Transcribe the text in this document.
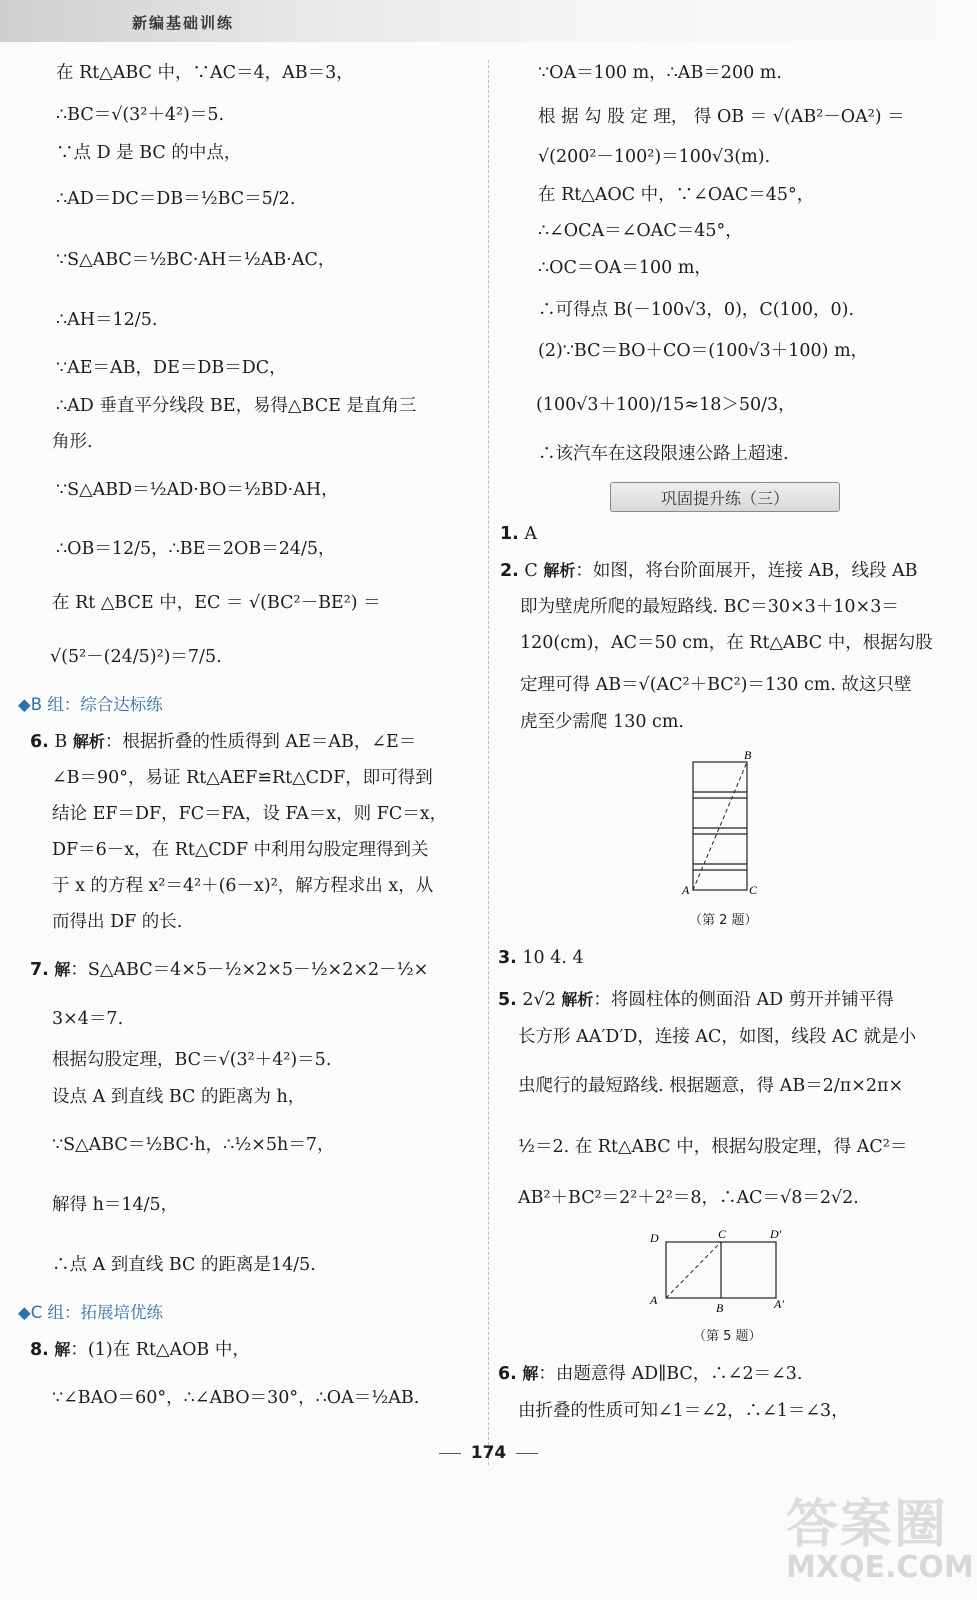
新编基础训练
在 Rt△ABC 中，∵AC＝4，AB＝3，
∴BC＝√(3²＋4²)＝5.
∵点 D 是 BC 的中点，
∴AD＝DC＝DB＝½BC＝5/2.
∵S△ABC＝½BC·AH＝½AB·AC，
∴AH＝12/5.
∵AE＝AB，DE＝DB＝DC，
∴AD 垂直平分线段 BE，易得△BCE 是直角三
角形.
∵S△ABD＝½AD·BO＝½BD·AH，
∴OB＝12/5，∴BE＝2OB＝24/5，
在 Rt △BCE 中，EC ＝ √(BC²－BE²) ＝
√(5²－(24/5)²)＝7/5.
◆B 组：综合达标练
6. B 解析：根据折叠的性质得到 AE＝AB，∠E＝
∠B＝90°，易证 Rt△AEF≌Rt△CDF，即可得到
结论 EF＝DF，FC＝FA，设 FA＝x，则 FC＝x，
DF＝6－x，在 Rt△CDF 中利用勾股定理得到关
于 x 的方程 x²＝4²＋(6－x)²，解方程求出 x，从
而得出 DF 的长.
7. 解：S△ABC＝4×5－½×2×5－½×2×2－½×
3×4＝7.
根据勾股定理，BC＝√(3²＋4²)＝5.
设点 A 到直线 BC 的距离为 h，
∵S△ABC＝½BC·h，∴½×5h＝7，
解得 h＝14/5，
∴点 A 到直线 BC 的距离是14/5.
◆C 组：拓展培优练
8. 解：(1)在 Rt△AOB 中，
∵∠BAO＝60°，∴∠ABO＝30°，∴OA＝½AB.
∵OA＝100 m，∴AB＝200 m.
根 据 勾 股 定 理， 得 OB ＝ √(AB²－OA²) ＝
√(200²－100²)＝100√3(m).
在 Rt△AOC 中，∵∠OAC＝45°，
∴∠OCA＝∠OAC＝45°，
∴OC＝OA＝100 m，
∴可得点 B(－100√3，0)，C(100，0).
(2)∵BC＝BO＋CO＝(100√3＋100) m，
(100√3＋100)/15≈18＞50/3，
∴该汽车在这段限速公路上超速.
1. A
2. C 解析：如图，将台阶面展开，连接 AB，线段 AB
即为壁虎所爬的最短路线. BC＝30×3＋10×3＝
120(cm)，AC＝50 cm，在 Rt△ABC 中，根据勾股
定理可得 AB＝√(AC²＋BC²)＝130 cm. 故这只壁
虎至少需爬 130 cm.
3. 10 4. 4
5. 2√2 解析：将圆柱体的侧面沿 AD 剪开并铺平得
长方形 AA′D′D，连接 AC，如图，线段 AC 就是小
虫爬行的最短路线. 根据题意，得 AB＝2/π×2π×
½＝2. 在 Rt△ABC 中，根据勾股定理，得 AC²＝
AB²＋BC²＝2²＋2²＝8，∴AC＝√8＝2√2.
6. 解：由题意得 AD∥BC，∴∠2＝∠3.
由折叠的性质可知∠1＝∠2，∴∠1＝∠3，
巩固提升练（三）
A
B
C
（第 2 题）
A
B	A′
D	C	D′
（第 5 题）
174
答案圈
MXQE.COM
